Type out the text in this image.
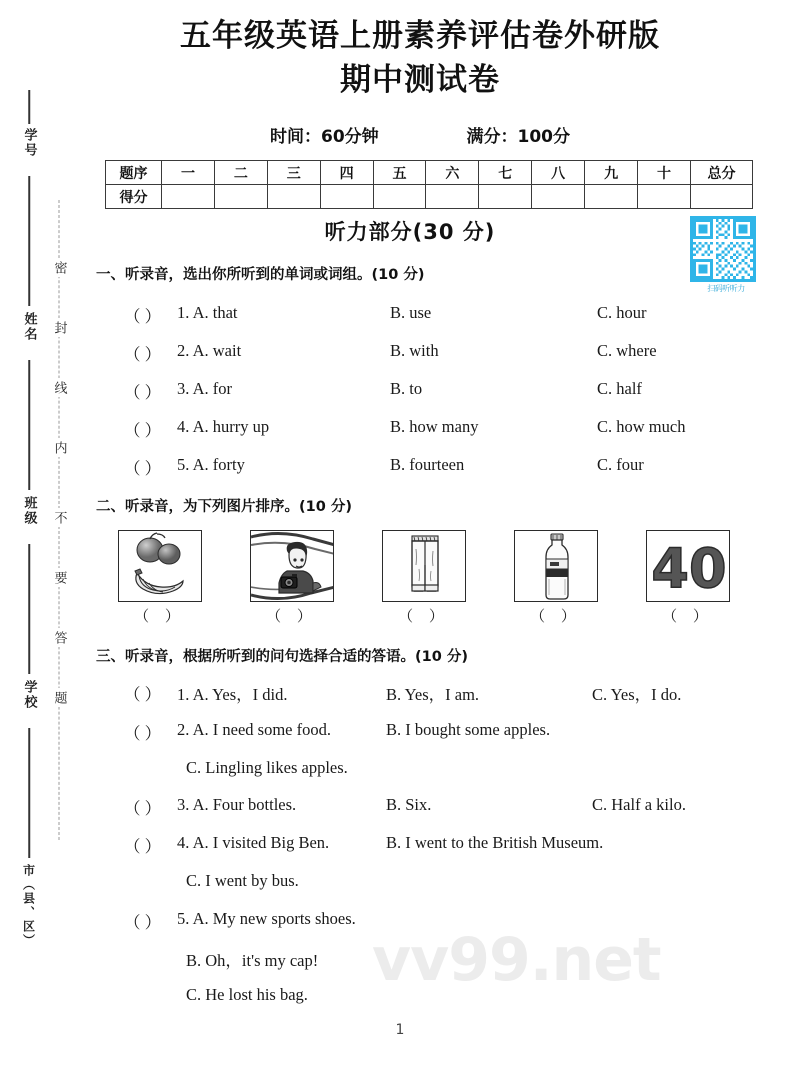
学号
姓名
班级
学校
市（县、区）
密
封
线
内
不
要
答
题
五年级英语上册素养评估卷外研版
期中测试卷
时间：60分钟	满分：100分
题序	一	二	三	四	五	六	七	八	九	十	总分
得分											
听力部分(30 分)
扫码听听力
一、听录音，选出你所听到的单词或词组。(10 分)
（ ） 1. A. that	B. use	C. hour
（ ） 2. A. wait	B. with	C. where
（ ） 3. A. for	B. to	C. half
（ ） 4. A. hurry up	B. how many	C. how much
（ ） 5. A. forty	B. fourteen	C. four
二、听录音，为下列图片排序。(10 分)
（ ）	（ ）	（ ）	（ ）
40
（ ）
三、听录音，根据所听到的问句选择合适的答语。(10 分)
（ ） 1. A. Yes，I did.	B. Yes，I am.	C. Yes，I do.
（ ） 2. A. I need some food.	B. I bought some apples.
C. Lingling likes apples.
（ ） 3. A. Four bottles.	B. Six.	C. Half a kilo.
（ ） 4. A. I visited Big Ben.	B. I went to the British Museum.
C. I went by bus.
（ ） 5. A. My new sports shoes.
B. Oh，it's my cap!
C. He lost his bag. vv99.net
1
